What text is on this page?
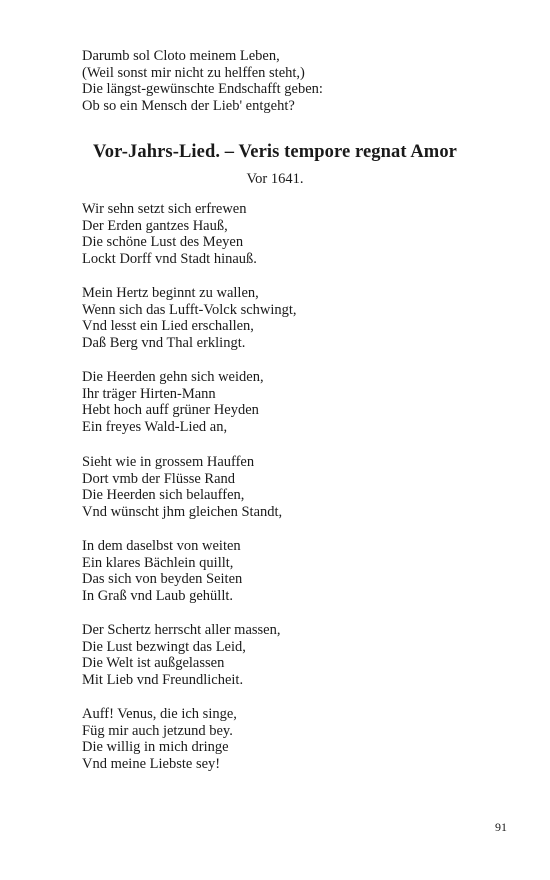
Darumb sol Cloto meinem Leben,
(Weil sonst mir nicht zu helffen steht,)
Die längst-gewünschte Endschafft geben:
Ob so ein Mensch der Lieb' entgeht?
Vor-Jahrs-Lied. – Veris tempore regnat Amor
Vor 1641.
Wir sehn setzt sich erfrewen
Der Erden gantzes Hauß,
Die schöne Lust des Meyen
Lockt Dorff vnd Stadt hinauß.
Mein Hertz beginnt zu wallen,
Wenn sich das Lufft-Volck schwingt,
Vnd lesst ein Lied erschallen,
Daß Berg vnd Thal erklingt.
Die Heerden gehn sich weiden,
Ihr träger Hirten-Mann
Hebt hoch auff grüner Heyden
Ein freyes Wald-Lied an,
Sieht wie in grossem Hauffen
Dort vmb der Flüsse Rand
Die Heerden sich belauffen,
Vnd wünscht jhm gleichen Standt,
In dem daselbst von weiten
Ein klares Bächlein quillt,
Das sich von beyden Seiten
In Graß vnd Laub gehüllt.
Der Schertz herrscht aller massen,
Die Lust bezwingt das Leid,
Die Welt ist außgelassen
Mit Lieb vnd Freundlicheit.
Auff! Venus, die ich singe,
Füg mir auch jetzund bey.
Die willig in mich dringe
Vnd meine Liebste sey!
91
